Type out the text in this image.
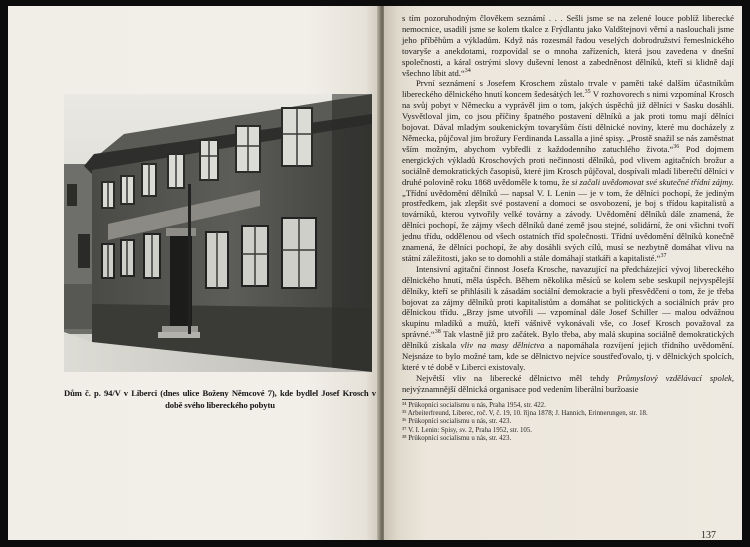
Dům č. p. 94/V v Liberci (dnes ulice Boženy Němcové 7), kde bydlel Josef Krosch v době svého libereckého pobytu

s tím pozoruhodným člověkem seznámí . . . Sešli jsme se na zelené louce poblíž liberecké nemocnice, usadili jsme se kolem tkalce z Frýdlantu jako Valdštejnovi věrní a naslouchali jsme jeho příběhům a výkladům. Když nás rozesmál řadou veselých dobrodružství řemeslnického tovaryše a anekdotami, rozpovídal se o mnoha zařízeních, která jsou zavedena v dnešní společnosti, a káral ostrými slovy duševní lenost a zabedněnost dělníků, kteří si klidně dají všechno líbit atd.“$^{34}$

První seznámení s Josefem Kroschem zůstalo trvale v paměti také dalším účastníkům libereckého dělnického hnutí koncem šedesátých let.$^{35}$ V rozhovorech s nimi vzpomínal Krosch na svůj pobyt v Německu a vyprávěl jim o tom, jakých úspěchů již dělníci v Sasku dosáhli. Vysvětloval jim, co jsou příčiny špatného postavení dělníků a jak proti tomu mají dělníci bojovat. Dával mladým soukenickým tovaryšům čísti dělnické noviny, které mu docházely z Německa, půjčoval jim brožury Ferdinanda Lassalla a jiné spisy. „Prostě snažil se nás zaměstnat vším možným, abychom vybředli z každodenního zatuchlého života.“$^{36}$ Pod dojmem energických výkladů Kroschových proti nečinnosti dělníků, pod vlivem agitačních brožur a sociálně demokratických časopisů, které jim Krosch půjčoval, dospívali mladí liberečtí dělníci v druhé polovině roku 1868 uvědoměle k tomu, že si začali uvědomovat své skutečné třídní zájmy. „Třídní uvědomění dělníků — napsal V. I. Lenin — je v tom, že dělníci pochopí, že jediným prostředkem, jak zlepšit své postavení a domoci se osvobození, je boj s třídou kapitalistů a továrníků, kterou vytvořily velké továrny a závody. Uvědomění dělníků dále znamená, že dělníci pochopí, že zájmy všech dělníků dané země jsou stejné, solidární, že oni všichni tvoří jednu třídu, oddělenou od všech ostatních tříd společnosti. Třídní uvědomění dělníků konečně znamená, že dělníci pochopí, že aby dosáhli svých cílů, musí se nezbytně domáhat vlivu na státní záležitosti, jako se to domohli a stále domáhají statkáři a kapitalisté.“$^{37}$

Intensivní agitační činnost Josefa Krosche, navazující na předcházející vývoj libereckého dělnického hnutí, měla úspěch. Během několika měsíců se kolem sebe seskupil nejvyspělejší dělníky, kteří se přihlásili k zásadám sociální demokracie a byli přesvědčeni o tom, že je třeba bojovat za zájmy dělníků proti kapitalistům a domáhat se politických a sociálních práv pro dělnickou třídu. „Brzy jsme utvořili — vzpomínal dále Josef Schiller — malou odvážnou skupinu mladíků a mužů, kteří vášnivě vykonávali vše, co Josef Krosch považoval za správné.“$^{38}$ Tak vlastně již pro začátek. Bylo třeba, aby malá skupina sociálně demokratických dělníků získala vliv na masy dělnictva a napomáhala rozvíjení jejich třídního uvědomění. Nejsnáze to bylo možné tam, kde se dělnictvo nejvíce soustřeďovalo, tj. v dělnických spolcích, které v té době v Liberci existovaly.

Největší vliv na liberecké dělnictvo měl tehdy Průmyslový vzdělávací spolek, nejvýznamnější dělnická organisace pod vedením liberální buržoasie

³⁴ Průkopníci socialismu u nás, Praha 1954, str. 422.
³⁵ Arbeiterfreund, Liberec, roč. V, č. 19, 10. října 1878; J. Hannich, Erinnerungen, str. 18.
³⁶ Průkopníci socialismu u nás, str. 423.
³⁷ V. I. Lenin: Spisy, sv. 2, Praha 1952, str. 105.
³⁸ Průkopníci socialismu u nás, str. 423.
137
